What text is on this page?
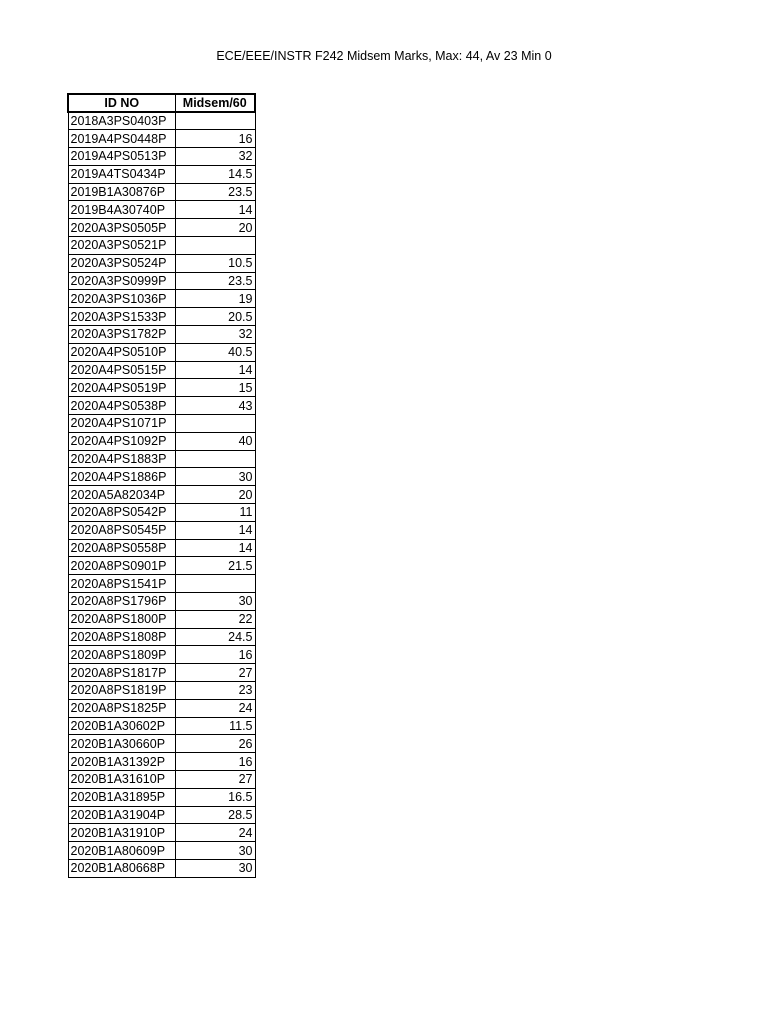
ECE/EEE/INSTR F242 Midsem Marks, Max: 44, Av 23 Min 0
ID NO	Midsem/60
2018A3PS0403P	
2019A4PS0448P	16
2019A4PS0513P	32
2019A4TS0434P	14.5
2019B1A30876P	23.5
2019B4A30740P	14
2020A3PS0505P	20
2020A3PS0521P	
2020A3PS0524P	10.5
2020A3PS0999P	23.5
2020A3PS1036P	19
2020A3PS1533P	20.5
2020A3PS1782P	32
2020A4PS0510P	40.5
2020A4PS0515P	14
2020A4PS0519P	15
2020A4PS0538P	43
2020A4PS1071P	
2020A4PS1092P	40
2020A4PS1883P	
2020A4PS1886P	30
2020A5A82034P	20
2020A8PS0542P	11
2020A8PS0545P	14
2020A8PS0558P	14
2020A8PS0901P	21.5
2020A8PS1541P	
2020A8PS1796P	30
2020A8PS1800P	22
2020A8PS1808P	24.5
2020A8PS1809P	16
2020A8PS1817P	27
2020A8PS1819P	23
2020A8PS1825P	24
2020B1A30602P	11.5
2020B1A30660P	26
2020B1A31392P	16
2020B1A31610P	27
2020B1A31895P	16.5
2020B1A31904P	28.5
2020B1A31910P	24
2020B1A80609P	30
2020B1A80668P	30
